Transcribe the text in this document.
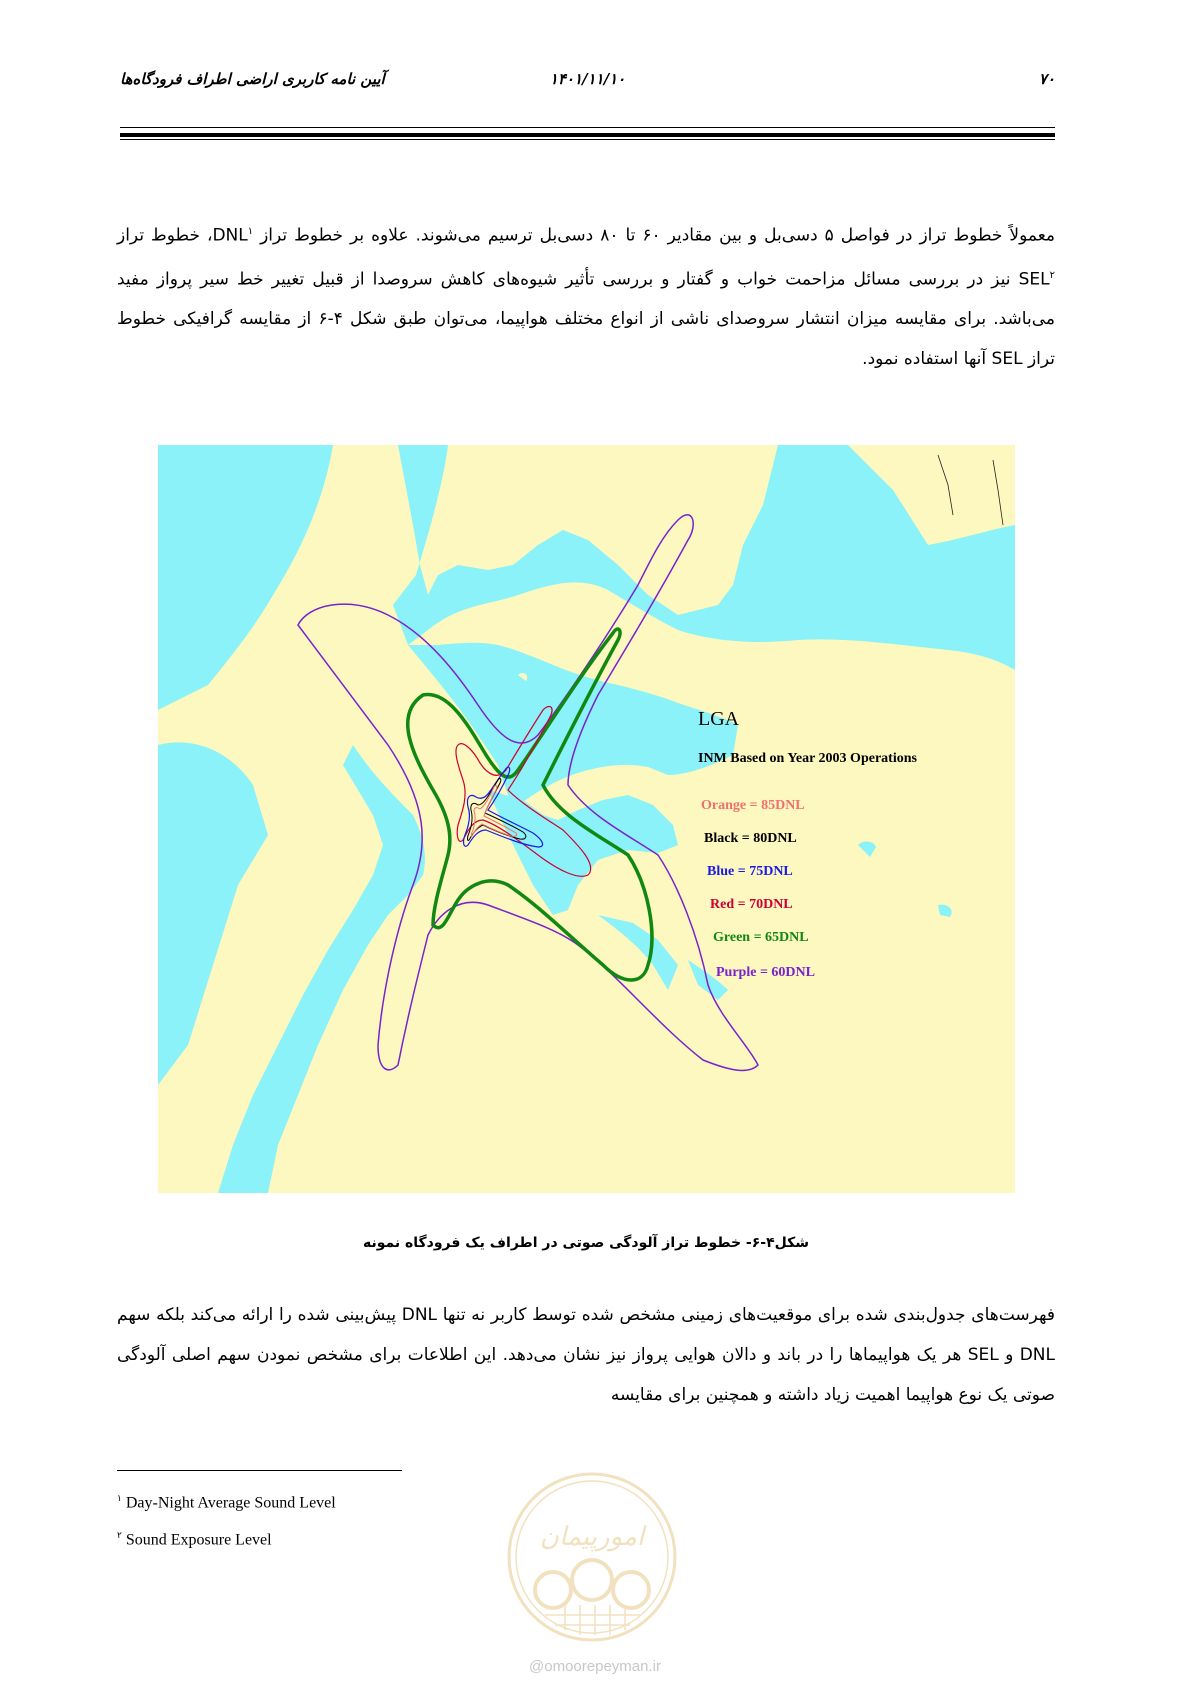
۷۰
۱۴۰۱/۱۱/۱۰
آیین نامه کاربری اراضی اطراف فرودگاه‌ها
معمولاً خطوط تراز در فواصل ۵ دسی‌بل و بین مقادیر ۶۰ تا ۸۰ دسی‌بل ترسیم می‌شوند. علاوه بر خطوط تراز DNL$^۱$، خطوط تراز SEL$^۲$ نیز در بررسی مسائل مزاحمت خواب و گفتار و بررسی تأثیر شیوه‌های کاهش سروصدا از قبیل تغییر خط سیر پرواز مفید می‌باشد. برای مقایسه میزان انتشار سروصدای ناشی از انواع مختلف هواپیما، می‌توان طبق شکل ۴-۶ از مقایسه گرافیکی خطوط تراز SEL آنها استفاده نمود.
LGA
INM Based on Year 2003 Operations
Orange = 85DNL
Black = 80DNL
Blue = 75DNL
Red = 70DNL
Green = 65DNL
Purple = 60DNL
شکل۴-۶- خطوط تراز آلودگی صوتی در اطراف یک فرودگاه نمونه
فهرست‌های جدول‌بندی شده برای موقعیت‌های زمینی مشخص شده توسط کاربر نه تنها DNL پیش‌بینی شده را ارائه می‌کند بلکه سهم DNL و SEL هر یک هواپیماها را در باند و دالان هوایی پرواز نیز نشان می‌دهد. این اطلاعات برای مشخص نمودن سهم اصلی آلودگی صوتی یک نوع هواپیما اهمیت زیاد داشته و همچنین برای مقایسه
$^۱$ Day-Night Average Sound Level
$^۲$ Sound Exposure Level	امورپیمان
@omoorepeyman.ir
